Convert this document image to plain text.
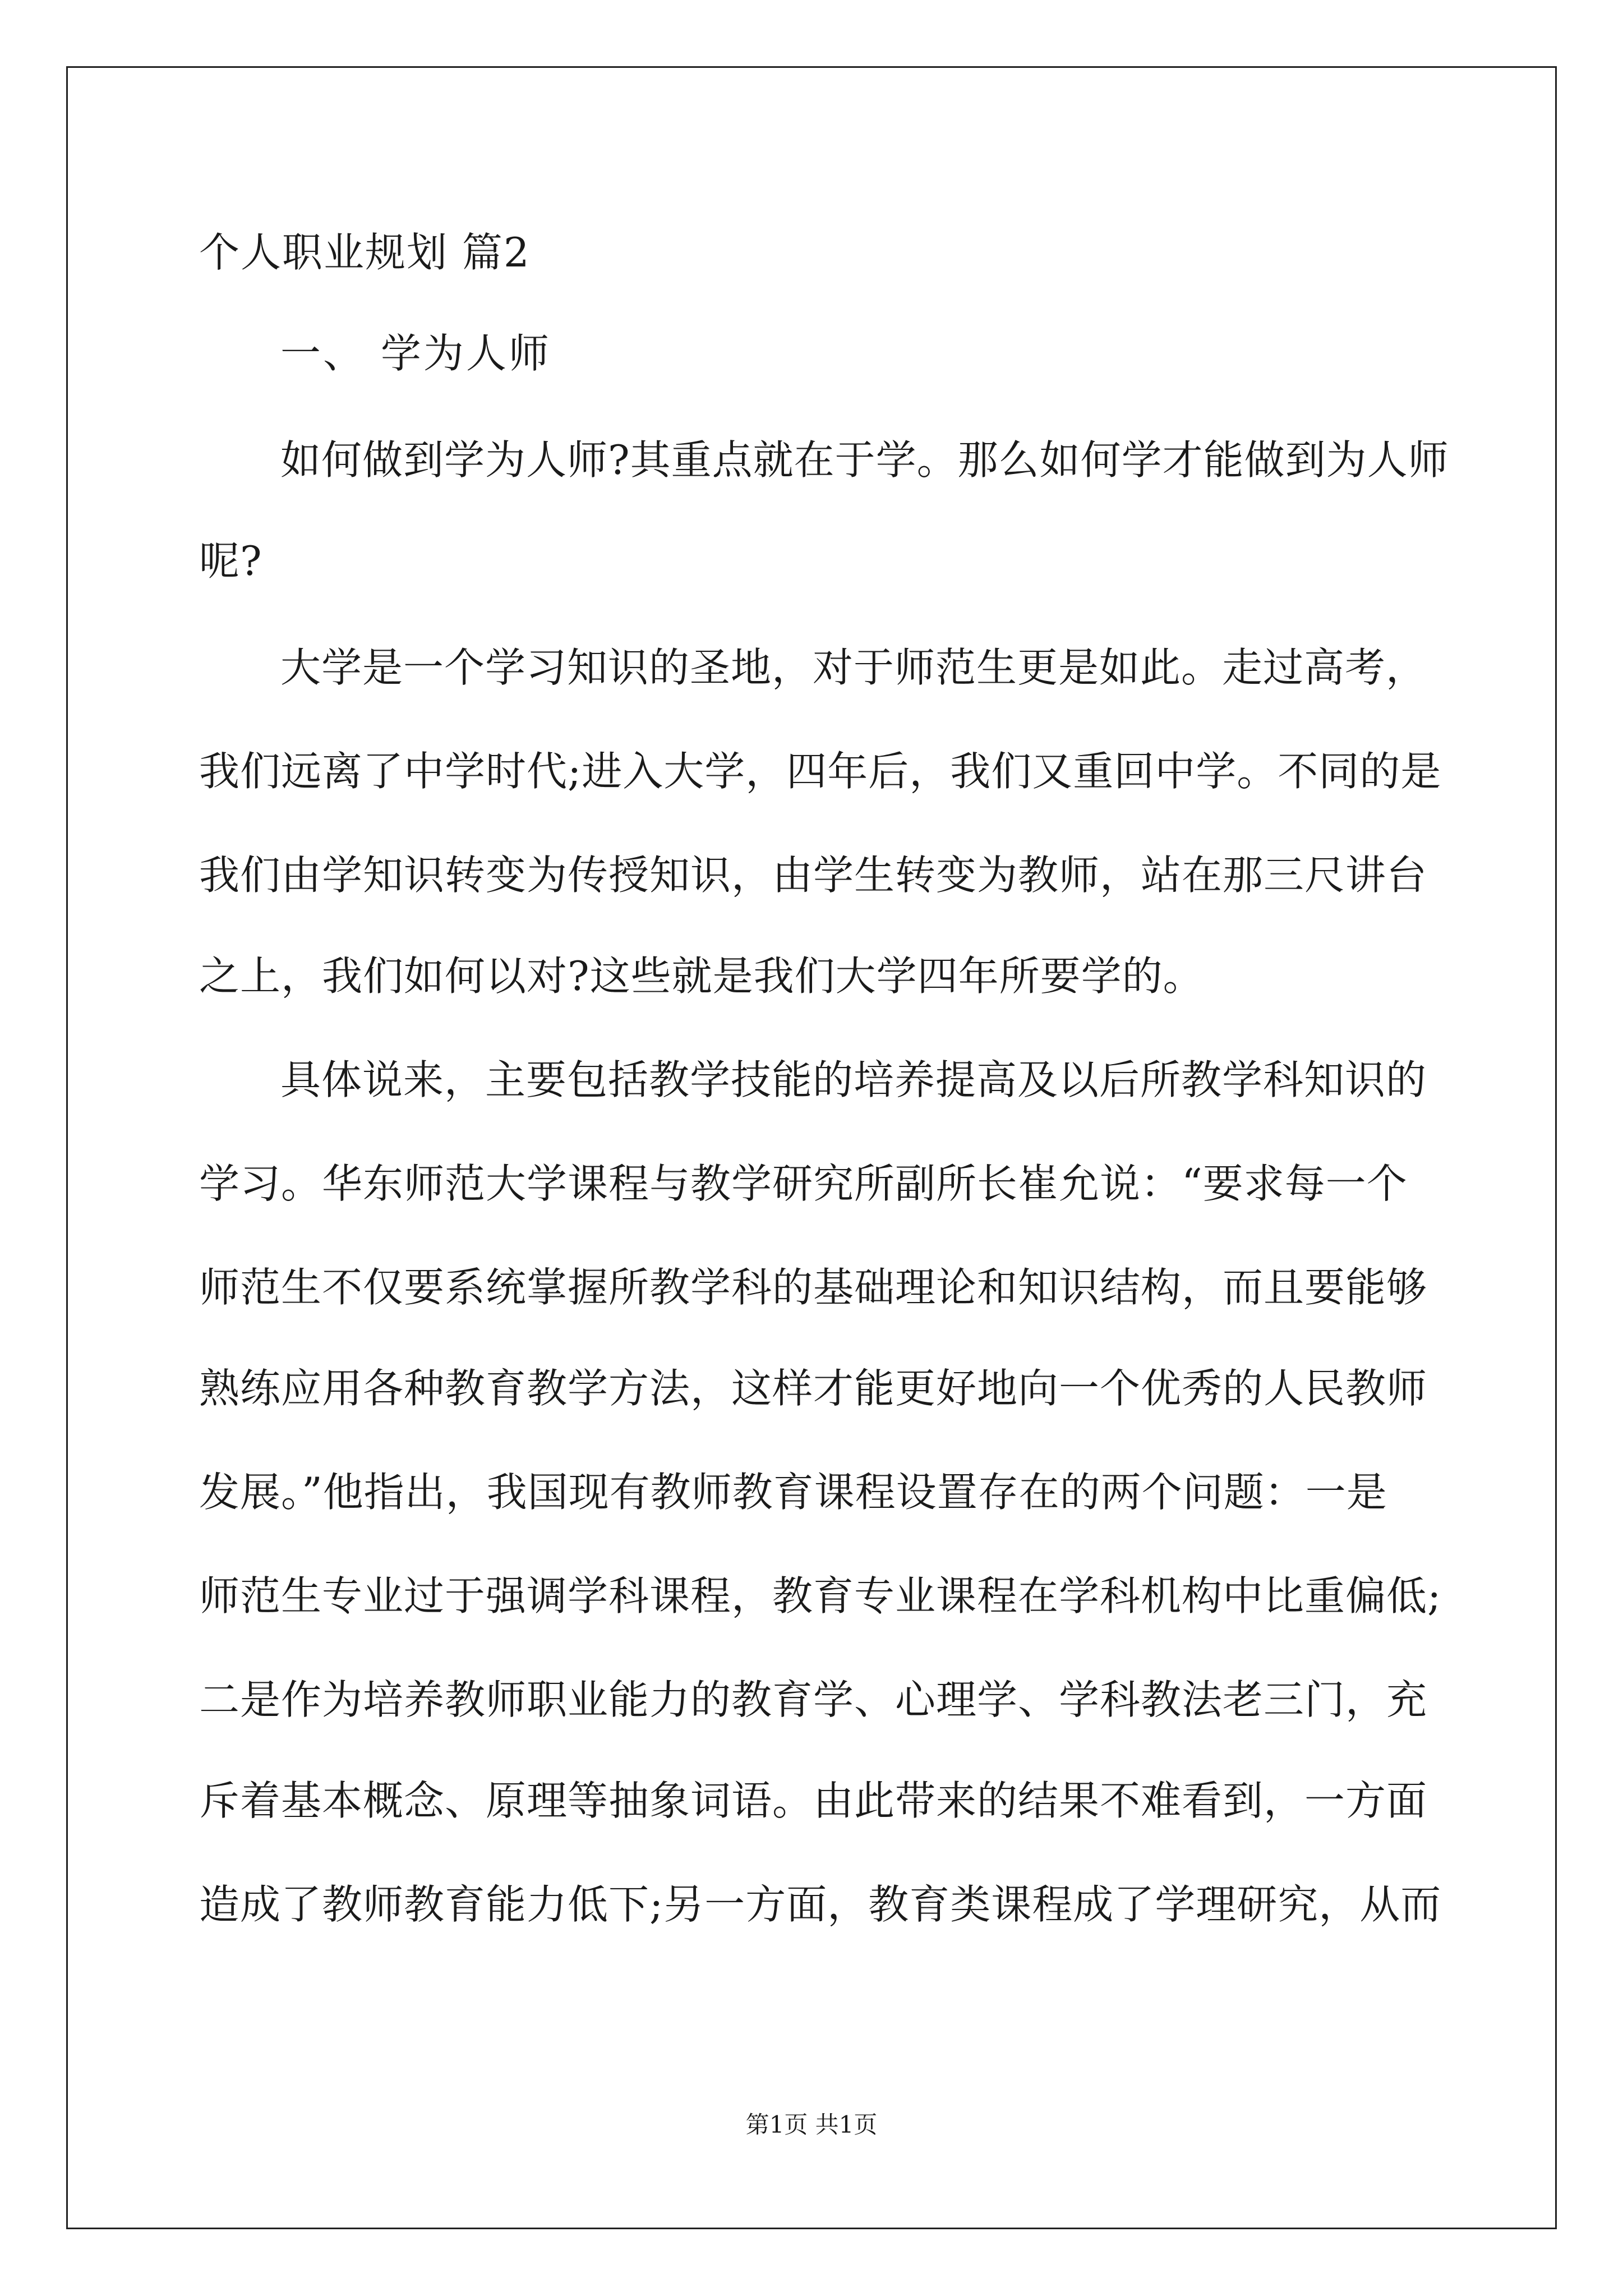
个人职业规划 篇2
一、 学为人师

如何做到学为人师?其重点就在于学。那么如何学才能做到为人师

呢?

大学是一个学习知识的圣地，对于师范生更是如此。走过高考，

我们远离了中学时代;进入大学，四年后，我们又重回中学。不同的是

我们由学知识转变为传授知识，由学生转变为教师，站在那三尺讲台

之上，我们如何以对?这些就是我们大学四年所要学的。

具体说来，主要包括教学技能的培养提高及以后所教学科知识的

学习。华东师范大学课程与教学研究所副所长崔允说：“要求每一个

师范生不仅要系统掌握所教学科的基础理论和知识结构，而且要能够

熟练应用各种教育教学方法，这样才能更好地向一个优秀的人民教师

发展。”他指出，我国现有教师教育课程设置存在的两个问题：一是

师范生专业过于强调学科课程，教育专业课程在学科机构中比重偏低;

二是作为培养教师职业能力的教育学、心理学、学科教法老三门，充

斥着基本概念、原理等抽象词语。由此带来的结果不难看到，一方面

造成了教师教育能力低下;另一方面，教育类课程成了学理研究，从而

第1页 共1页
